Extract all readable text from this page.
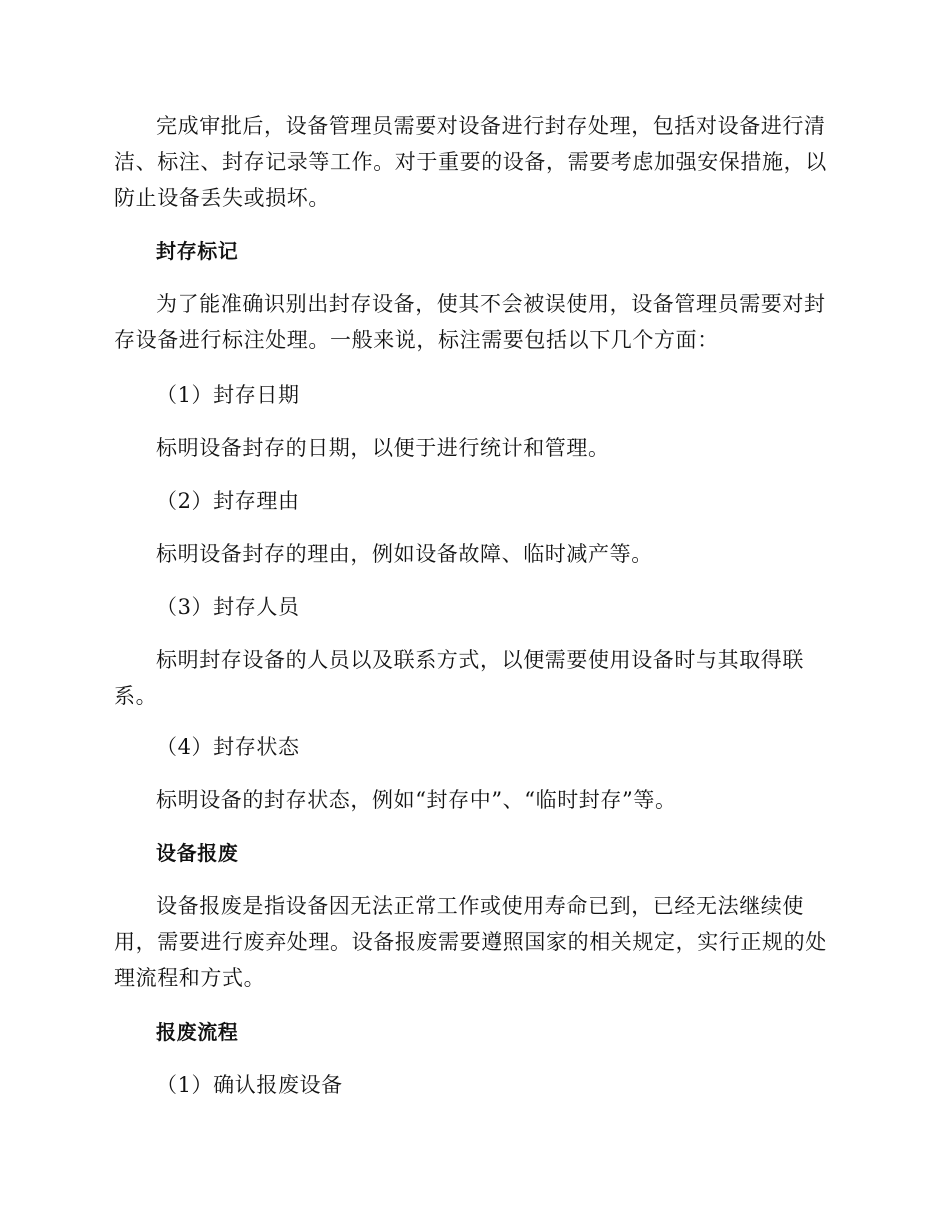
完成审批后，设备管理员需要对设备进行封存处理，包括对设备进行清洁、标注、封存记录等工作。对于重要的设备，需要考虑加强安保措施，以防止设备丢失或损坏。

封存标记

为了能准确识别出封存设备，使其不会被误使用，设备管理员需要对封存设备进行标注处理。一般来说，标注需要包括以下几个方面：

（1）封存日期

标明设备封存的日期，以便于进行统计和管理。

（2）封存理由

标明设备封存的理由，例如设备故障、临时减产等。

（3）封存人员

标明封存设备的人员以及联系方式，以便需要使用设备时与其取得联系。

（4）封存状态

标明设备的封存状态，例如“封存中”、“临时封存”等。

设备报废

设备报废是指设备因无法正常工作或使用寿命已到，已经无法继续使用，需要进行废弃处理。设备报废需要遵照国家的相关规定，实行正规的处理流程和方式。

报废流程

（1）确认报废设备
